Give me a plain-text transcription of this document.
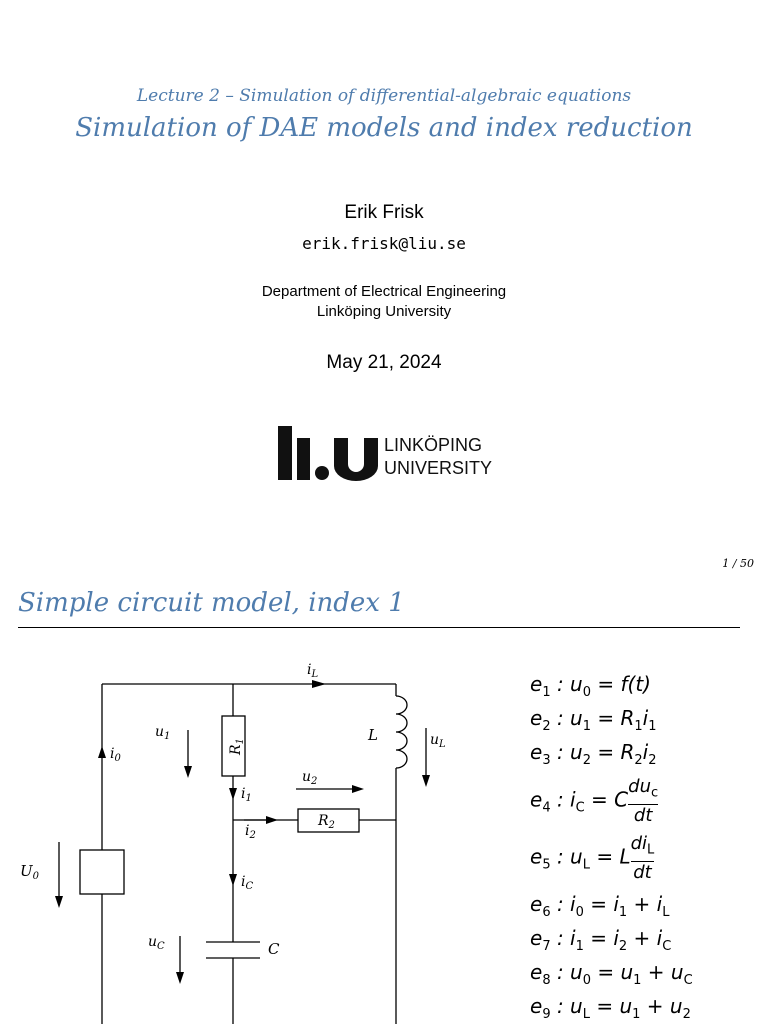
Lecture 2 – Simulation of differential-algebraic equations
Simulation of DAE models and index reduction
Erik Frisk
erik.frisk@liu.se
Department of Electrical Engineering
Linköping University
May 21, 2024
LINKÖPING
UNIVERSITY
1 / 50
Simple circuit model, index 1
$i_L$
$u_1$
$R_1$	L	$u_L$
$i_0$
$u_2$
$i_1$
$i_2$
$R_2$
$U_0$	$i_C$
$u_C$	C
$e_1$ : $u_0 = f(t)$
$e_2$ : $u_1 = R_1i_1$
$e_3$ : $u_2 = R_2i_2$
$e_4$ : $i_C = C \frac{du_c}{dt}$
$e_5$ : $u_L = L \frac{di_L}{dt}$
$e_6$ : $i_0 = i_1 + i_L$
$e_7$ : $i_1 = i_2 + i_C$
$e_8$ : $u_0 = u_1 + u_C$
$e_9$ : $u_L = u_1 + u_2$
